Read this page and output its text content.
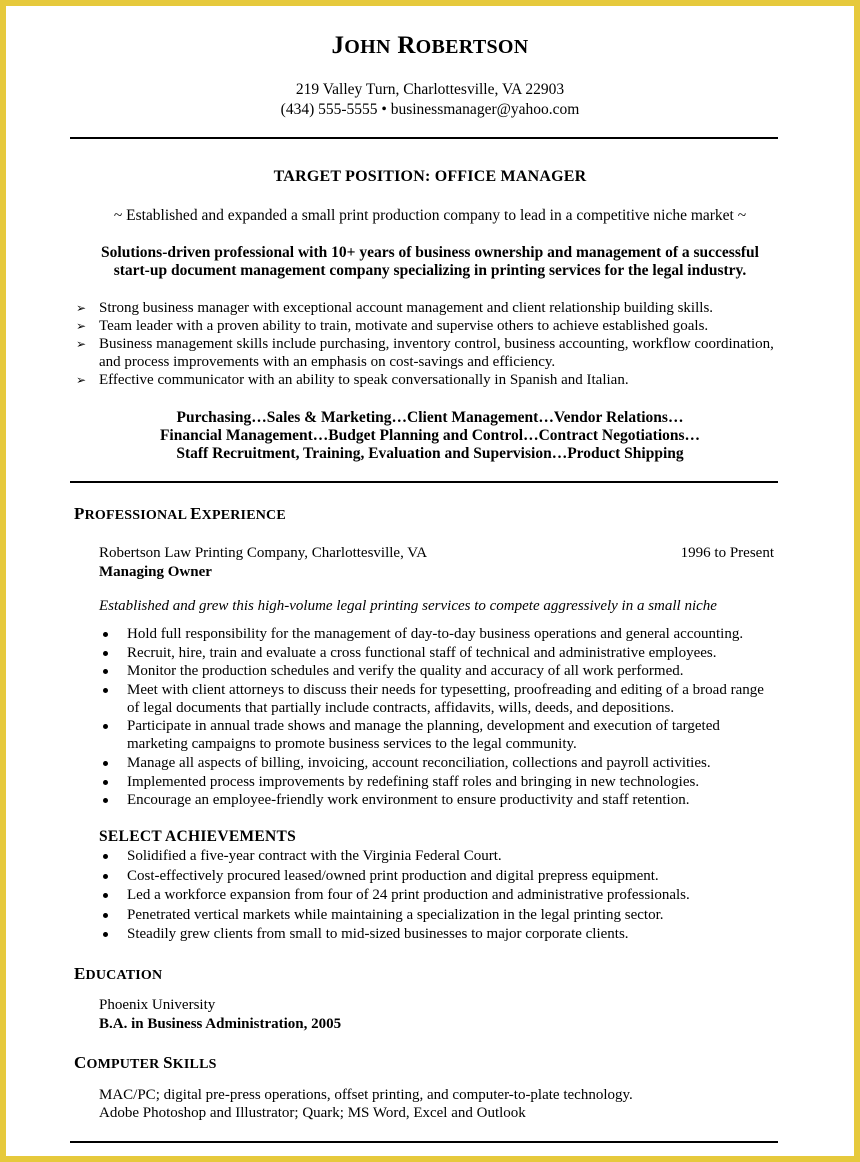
JOHN ROBERTSON
219 Valley Turn, Charlottesville, VA 22903
(434) 555-5555 • businessmanager@yahoo.com
TARGET POSITION: OFFICE MANAGER
~ Established and expanded a small print production company to lead in a competitive niche market ~
Solutions-driven professional with 10+ years of business ownership and management of a successful
start-up document management company specializing in printing services for the legal industry.
➢ Strong business manager with exceptional account management and client relationship building skills.
➢ Team leader with a proven ability to train, motivate and supervise others to achieve established goals.
➢ Business management skills include purchasing, inventory control, business accounting, workflow coordination, and process improvements with an emphasis on cost-savings and efficiency.
➢ Effective communicator with an ability to speak conversationally in Spanish and Italian.
Purchasing…Sales & Marketing…Client Management…Vendor Relations…
Financial Management…Budget Planning and Control…Contract Negotiations…
Staff Recruitment, Training, Evaluation and Supervision…Product Shipping
PROFESSIONAL EXPERIENCE
Robertson Law Printing Company, Charlottesville, VA	1996 to Present
Managing Owner
Established and grew this high-volume legal printing services to compete aggressively in a small niche
Hold full responsibility for the management of day-to-day business operations and general accounting.
Recruit, hire, train and evaluate a cross functional staff of technical and administrative employees.
Monitor the production schedules and verify the quality and accuracy of all work performed.
Meet with client attorneys to discuss their needs for typesetting, proofreading and editing of a broad range of legal documents that partially include contracts, affidavits, wills, deeds, and depositions.
Participate in annual trade shows and manage the planning, development and execution of targeted marketing campaigns to promote business services to the legal community.
Manage all aspects of billing, invoicing, account reconciliation, collections and payroll activities.
Implemented process improvements by redefining staff roles and bringing in new technologies.
Encourage an employee-friendly work environment to ensure productivity and staff retention.
SELECT ACHIEVEMENTS
Solidified a five-year contract with the Virginia Federal Court.
Cost-effectively procured leased/owned print production and digital prepress equipment.
Led a workforce expansion from four of 24 print production and administrative professionals.
Penetrated vertical markets while maintaining a specialization in the legal printing sector.
Steadily grew clients from small to mid-sized businesses to major corporate clients.
EDUCATION
Phoenix University
B.A. in Business Administration, 2005
COMPUTER SKILLS
MAC/PC; digital pre-press operations, offset printing, and computer-to-plate technology.
Adobe Photoshop and Illustrator; Quark; MS Word, Excel and Outlook
